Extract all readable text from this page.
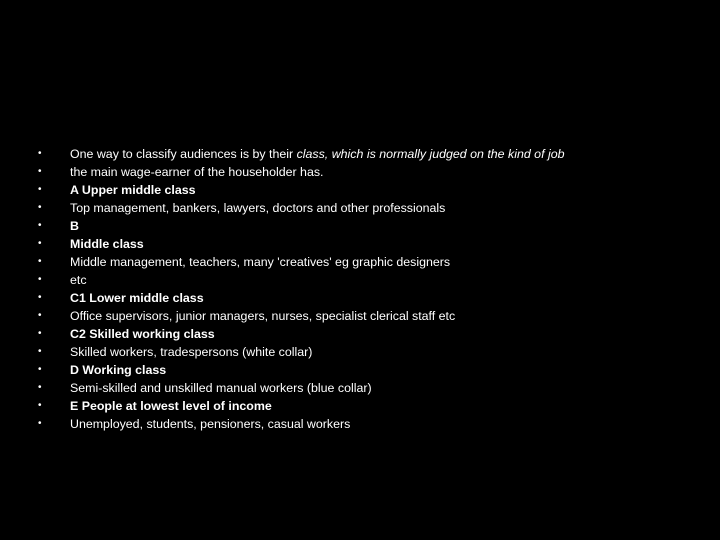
•	One way to classify audiences is by their class, which is normally judged on the kind of job
•	the main wage-earner of the householder has.
•	A Upper middle class
•	Top management, bankers, lawyers, doctors and other professionals
•	B
•	Middle class
•	Middle management, teachers, many 'creatives' eg graphic designers
•	etc
•	C1 Lower middle class
•	Office supervisors, junior managers, nurses, specialist clerical staff etc
•	C2 Skilled working class
•	Skilled workers, tradespersons (white collar)
•	D Working class
•	Semi-skilled and unskilled manual workers (blue collar)
•	E People at lowest level of income
•	Unemployed, students, pensioners, casual workers
